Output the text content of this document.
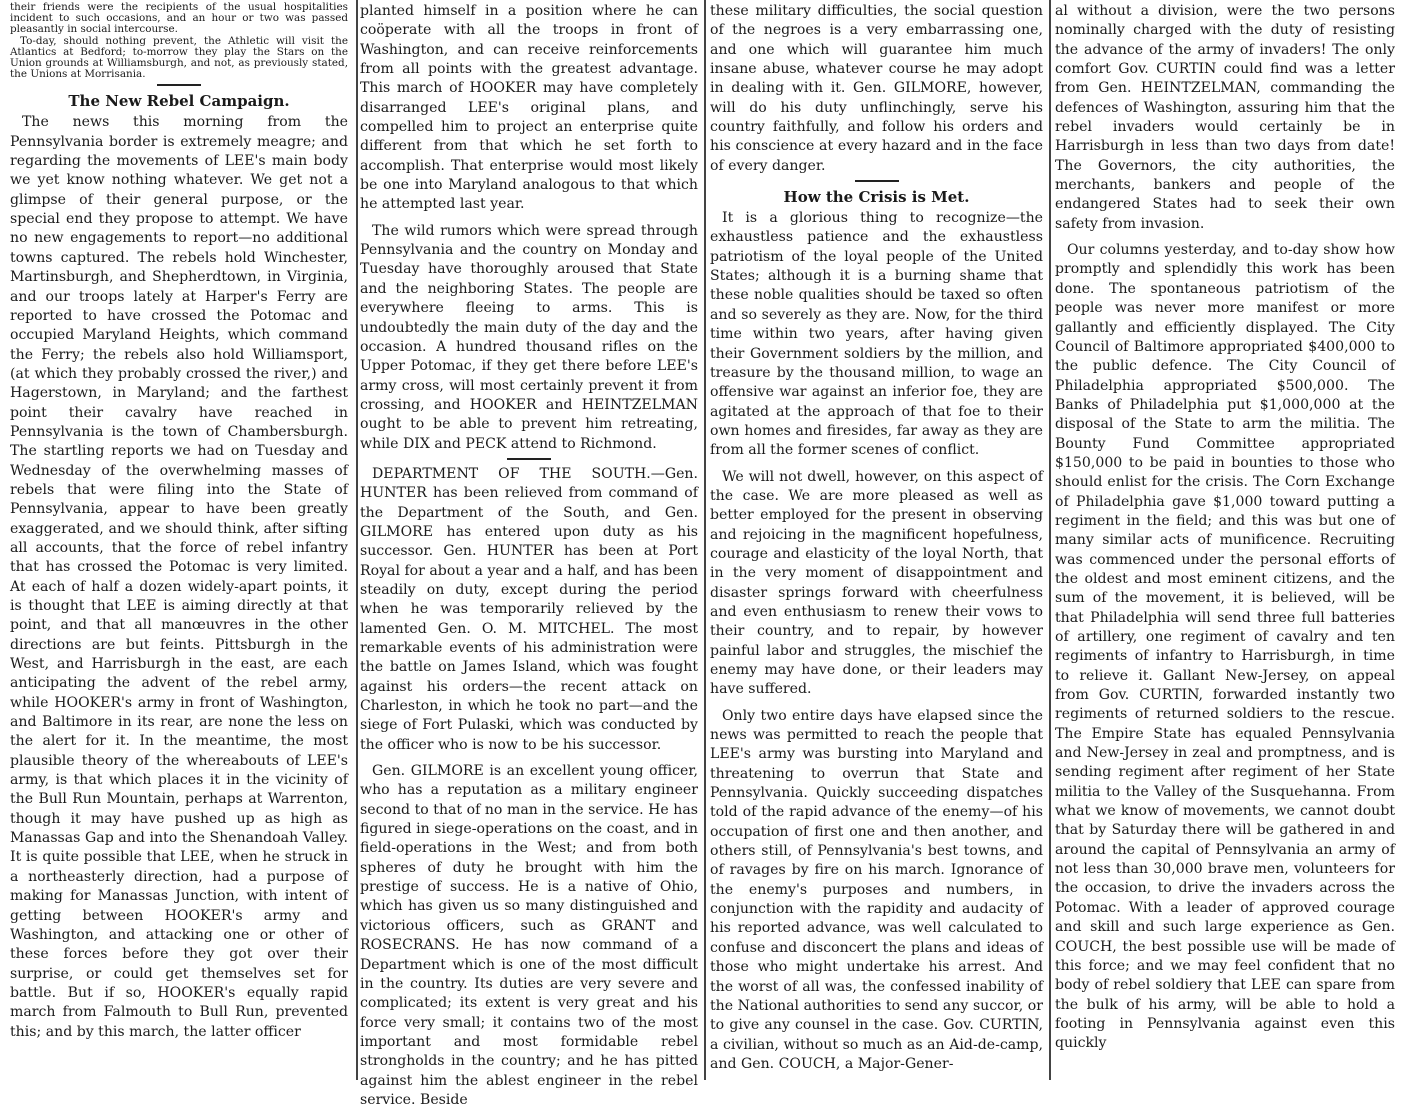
their friends were the recipients of the usual hospitalities incident to such occasions, and an hour or two was passed pleasantly in social intercourse.

To-day, should nothing prevent, the Athletic will visit the Atlantics at Bedford; to-morrow they play the Stars on the Union grounds at Williamsburgh, and not, as previously stated, the Unions at Morrisania.

The New Rebel Campaign.

The news this morning from the Pennsylvania border is extremely meagre; and regarding the movements of LEE's main body we yet know nothing whatever. We get not a glimpse of their general purpose, or the special end they propose to attempt. We have no new engagements to report—no additional towns captured. The rebels hold Winchester, Martinsburgh, and Shepherdtown, in Virginia, and our troops lately at Harper's Ferry are reported to have crossed the Potomac and occupied Maryland Heights, which command the Ferry; the rebels also hold Williamsport, (at which they probably crossed the river,) and Hagerstown, in Maryland; and the farthest point their cavalry have reached in Pennsylvania is the town of Chambersburgh. The startling reports we had on Tuesday and Wednesday of the overwhelming masses of rebels that were filing into the State of Pennsylvania, appear to have been greatly exaggerated, and we should think, after sifting all accounts, that the force of rebel infantry that has crossed the Potomac is very limited. At each of half a dozen widely-apart points, it is thought that LEE is aiming directly at that point, and that all manœuvres in the other directions are but feints. Pittsburgh in the West, and Harrisburgh in the east, are each anticipating the advent of the rebel army, while HOOKER's army in front of Washington, and Baltimore in its rear, are none the less on the alert for it. In the meantime, the most plausible theory of the whereabouts of LEE's army, is that which places it in the vicinity of the Bull Run Mountain, perhaps at Warrenton, though it may have pushed up as high as Manassas Gap and into the Shenandoah Valley. It is quite possible that LEE, when he struck in a northeasterly direction, had a purpose of making for Manassas Junction, with intent of getting between HOOKER's army and Washington, and attacking one or other of these forces before they got over their surprise, or could get themselves set for battle. But if so, HOOKER's equally rapid march from Falmouth to Bull Run, prevented this; and by this march, the latter officer

planted himself in a position where he can coöperate with all the troops in front of Washington, and can receive reinforcements from all points with the greatest advantage. This march of HOOKER may have completely disarranged LEE's original plans, and compelled him to project an enterprise quite different from that which he set forth to accomplish. That enterprise would most likely be one into Maryland analogous to that which he attempted last year.

The wild rumors which were spread through Pennsylvania and the country on Monday and Tuesday have thoroughly aroused that State and the neighboring States. The people are everywhere fleeing to arms. This is undoubtedly the main duty of the day and the occasion. A hundred thousand rifles on the Upper Potomac, if they get there before LEE's army cross, will most certainly prevent it from crossing, and HOOKER and HEINTZELMAN ought to be able to prevent him retreating, while DIX and PECK attend to Richmond.

DEPARTMENT OF THE SOUTH.—Gen. HUNTER has been relieved from command of the Department of the South, and Gen. GILMORE has entered upon duty as his successor. Gen. HUNTER has been at Port Royal for about a year and a half, and has been steadily on duty, except during the period when he was temporarily relieved by the lamented Gen. O. M. MITCHEL. The most remarkable events of his administration were the battle on James Island, which was fought against his orders—the recent attack on Charleston, in which he took no part—and the siege of Fort Pulaski, which was conducted by the officer who is now to be his successor.

Gen. GILMORE is an excellent young officer, who has a reputation as a military engineer second to that of no man in the service. He has figured in siege-operations on the coast, and in field-operations in the West; and from both spheres of duty he brought with him the prestige of success. He is a native of Ohio, which has given us so many distinguished and victorious officers, such as GRANT and ROSECRANS. He has now command of a Department which is one of the most difficult in the country. Its duties are very severe and complicated; its extent is very great and his force very small; it contains two of the most important and most formidable rebel strongholds in the country; and he has pitted against him the ablest engineer in the rebel service. Beside

these military difficulties, the social question of the negroes is a very embarrassing one, and one which will guarantee him much insane abuse, whatever course he may adopt in dealing with it. Gen. GILMORE, however, will do his duty unflinchingly, serve his country faithfully, and follow his orders and his conscience at every hazard and in the face of every danger.

How the Crisis is Met.

It is a glorious thing to recognize—the exhaustless patience and the exhaustless patriotism of the loyal people of the United States; although it is a burning shame that these noble qualities should be taxed so often and so severely as they are. Now, for the third time within two years, after having given their Government soldiers by the million, and treasure by the thousand million, to wage an offensive war against an inferior foe, they are agitated at the approach of that foe to their own homes and firesides, far away as they are from all the former scenes of conflict.

We will not dwell, however, on this aspect of the case. We are more pleased as well as better employed for the present in observing and rejoicing in the magnificent hopefulness, courage and elasticity of the loyal North, that in the very moment of disappointment and disaster springs forward with cheerfulness and even enthusiasm to renew their vows to their country, and to repair, by however painful labor and struggles, the mischief the enemy may have done, or their leaders may have suffered.

Only two entire days have elapsed since the news was permitted to reach the people that LEE's army was bursting into Maryland and threatening to overrun that State and Pennsylvania. Quickly succeeding dispatches told of the rapid advance of the enemy—of his occupation of first one and then another, and others still, of Pennsylvania's best towns, and of ravages by fire on his march. Ignorance of the enemy's purposes and numbers, in conjunction with the rapidity and audacity of his reported advance, was well calculated to confuse and disconcert the plans and ideas of those who might undertake his arrest. And the worst of all was, the confessed inability of the National authorities to send any succor, or to give any counsel in the case. Gov. CURTIN, a civilian, without so much as an Aid-de-camp, and Gen. COUCH, a Major-Gener-

al without a division, were the two persons nominally charged with the duty of resisting the advance of the army of invaders! The only comfort Gov. CURTIN could find was a letter from Gen. HEINTZELMAN, commanding the defences of Washington, assuring him that the rebel invaders would certainly be in Harrisburgh in less than two days from date! The Governors, the city authorities, the merchants, bankers and people of the endangered States had to seek their own safety from invasion.

Our columns yesterday, and to-day show how promptly and splendidly this work has been done. The spontaneous patriotism of the people was never more manifest or more gallantly and efficiently displayed. The City Council of Baltimore appropriated $400,000 to the public defence. The City Council of Philadelphia appropriated $500,000. The Banks of Philadelphia put $1,000,000 at the disposal of the State to arm the militia. The Bounty Fund Committee appropriated $150,000 to be paid in bounties to those who should enlist for the crisis. The Corn Exchange of Philadelphia gave $1,000 toward putting a regiment in the field; and this was but one of many similar acts of munificence. Recruiting was commenced under the personal efforts of the oldest and most eminent citizens, and the sum of the movement, it is believed, will be that Philadelphia will send three full batteries of artillery, one regiment of cavalry and ten regiments of infantry to Harrisburgh, in time to relieve it. Gallant New-Jersey, on appeal from Gov. CURTIN, forwarded instantly two regiments of returned soldiers to the rescue. The Empire State has equaled Pennsylvania and New-Jersey in zeal and promptness, and is sending regiment after regiment of her State militia to the Valley of the Susquehanna. From what we know of movements, we cannot doubt that by Saturday there will be gathered in and around the capital of Pennsylvania an army of not less than 30,000 brave men, volunteers for the occasion, to drive the invaders across the Potomac. With a leader of approved courage and skill and such large experience as Gen. COUCH, the best possible use will be made of this force; and we may feel confident that no body of rebel soldiery that LEE can spare from the bulk of his army, will be able to hold a footing in Pennsylvania against even this quickly
